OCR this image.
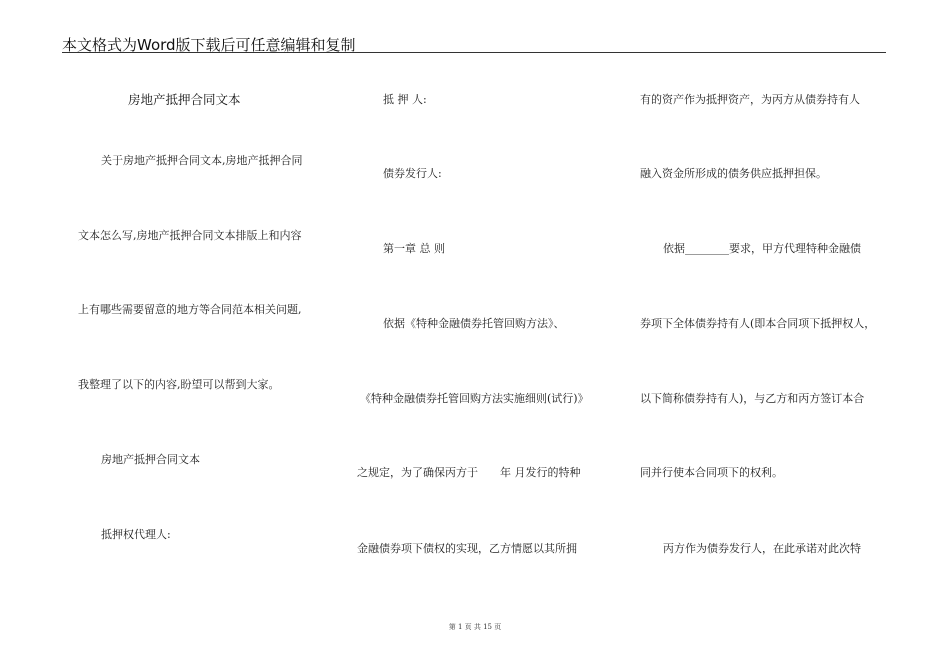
本文格式为Word版下载后可任意编辑和复制
房地产抵押合同文本
关于房地产抵押合同文本,房地产抵押合同
文本怎么写,房地产抵押合同文本排版上和内容
上有哪些需要留意的地方等合同范本相关问题,
我整理了以下的内容,盼望可以帮到大家。
房地产抵押合同文本
抵押权代理人:
抵 押 人:
债券发行人:
第一章 总 则
依据《特种金融债券托管回购方法》、
《特种金融债券托管回购方法实施细则(试行)》
之规定，为了确保丙方于　　年 月发行的特种
金融债券项下债权的实现，乙方情愿以其所拥
有的资产作为抵押资产，为丙方从债券持有人
融入资金所形成的债务供应抵押担保。
依据________要求，甲方代理特种金融债
券项下全体债券持有人(即本合同项下抵押权人，
以下简称债券持有人)，与乙方和丙方签订本合
同并行使本合同项下的权利。
丙方作为债券发行人，在此承诺对此次特
第 1 页 共 15 页
